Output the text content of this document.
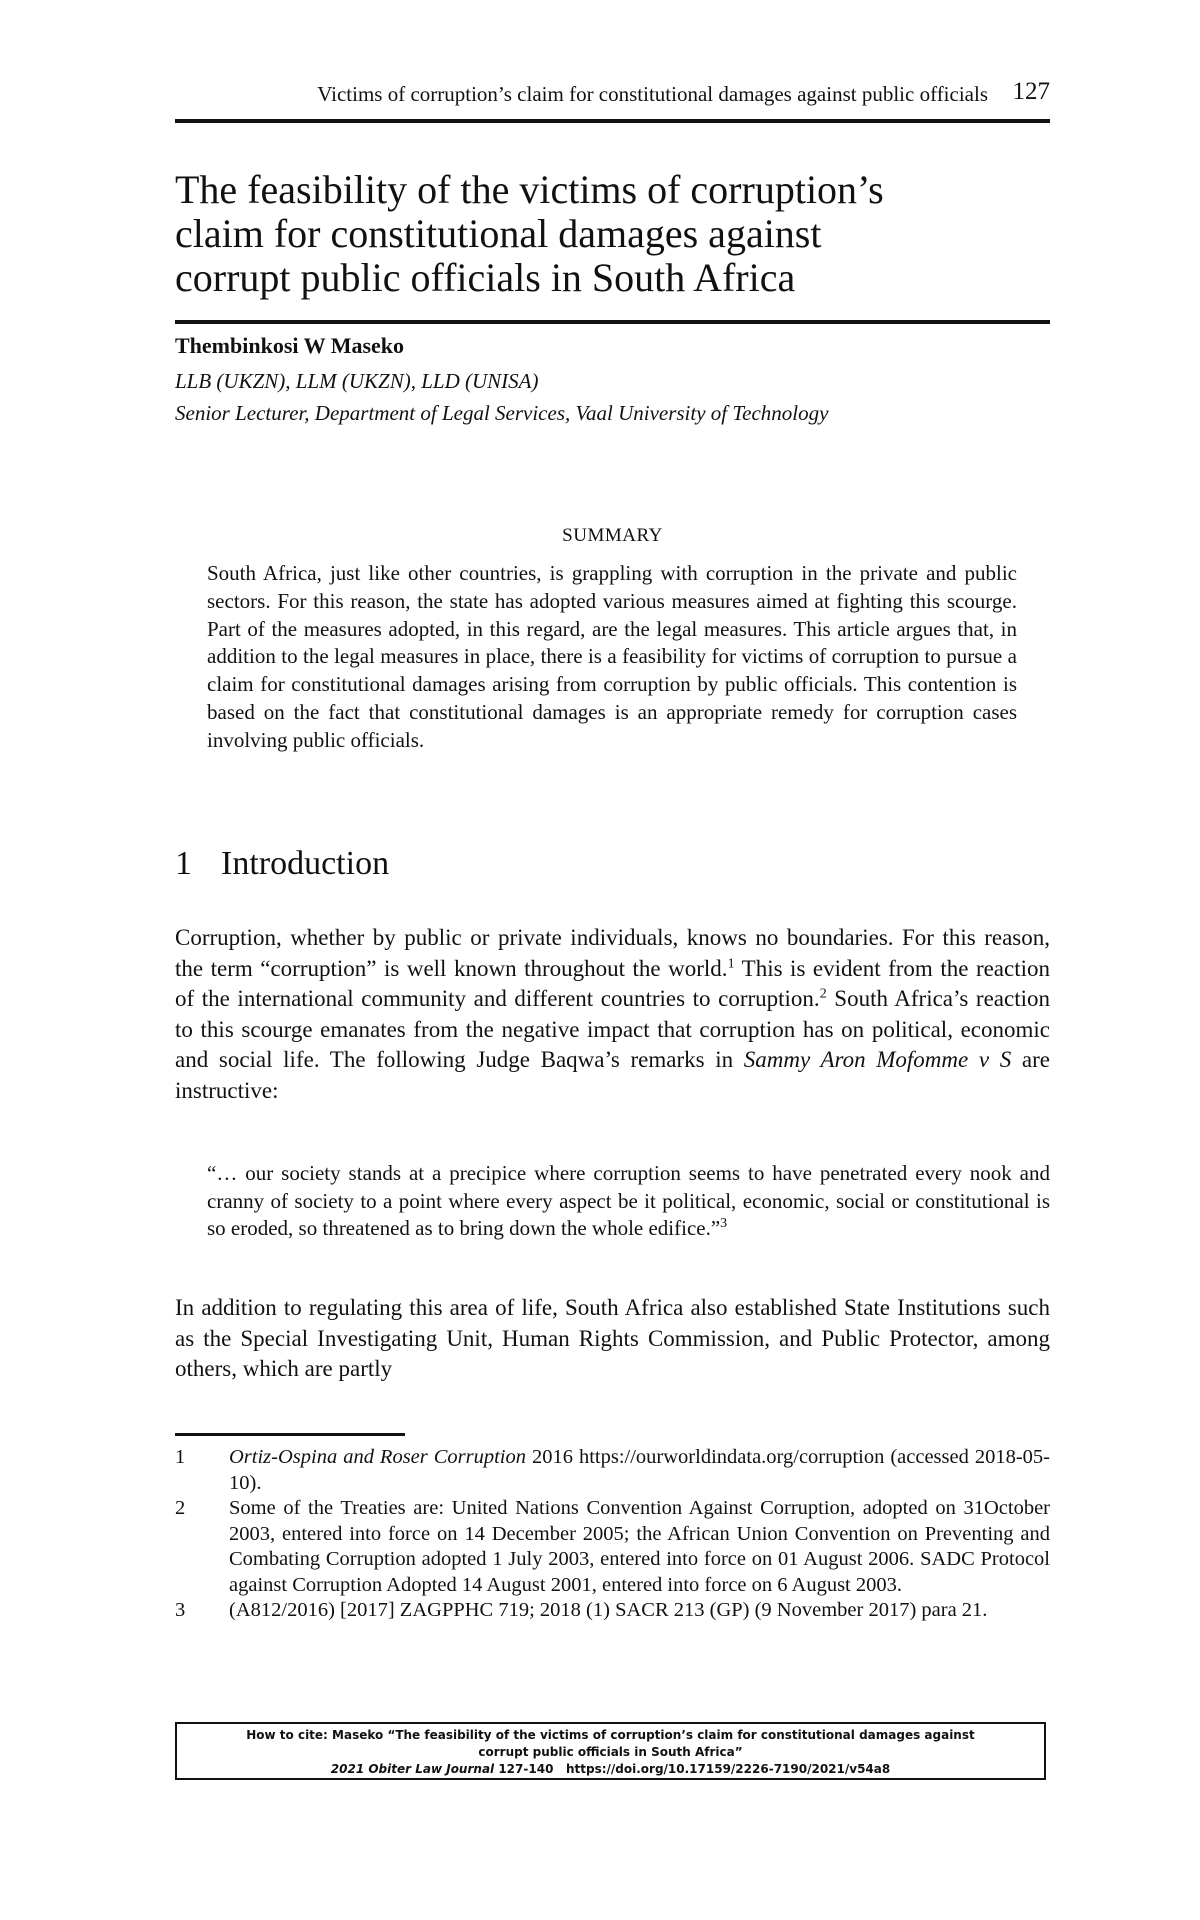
Victims of corruption’s claim for constitutional damages against public officials 127
The feasibility of the victims of corruption’s
claim for constitutional damages against
corrupt public officials in South Africa

Thembinkosi W Maseko

LLB (UKZN), LLM (UKZN), LLD (UNISA)

Senior Lecturer, Department of Legal Services, Vaal University of Technology

SUMMARY

South Africa, just like other countries, is grappling with corruption in the private and public sectors. For this reason, the state has adopted various measures aimed at fighting this scourge. Part of the measures adopted, in this regard, are the legal measures. This article argues that, in addition to the legal measures in place, there is a feasibility for victims of corruption to pursue a claim for constitutional damages arising from corruption by public officials. This contention is based on the fact that constitutional damages is an appropriate remedy for corruption cases involving public officials.

1 Introduction

Corruption, whether by public or private individuals, knows no boundaries. For this reason, the term “corruption” is well known throughout the world.$^1$ This is evident from the reaction of the international community and different countries to corruption.$^2$ South Africa’s reaction to this scourge emanates from the negative impact that corruption has on political, economic and social life. The following Judge Baqwa’s remarks in Sammy Aron Mofomme v S are instructive:

“… our society stands at a precipice where corruption seems to have penetrated every nook and cranny of society to a point where every aspect be it political, economic, social or constitutional is so eroded, so threatened as to bring down the whole edifice.”$^3$

In addition to regulating this area of life, South Africa also established State Institutions such as the Special Investigating Unit, Human Rights Commission, and Public Protector, among others, which are partly

1 Ortiz-Ospina and Roser Corruption 2016 https://ourworldindata.org/corruption (accessed 2018-05-10).
2 Some of the Treaties are: United Nations Convention Against Corruption, adopted on 31October 2003, entered into force on 14 December 2005; the African Union Convention on Preventing and Combating Corruption adopted 1 July 2003, entered into force on 01 August 2006. SADC Protocol against Corruption Adopted 14 August 2001, entered into force on 6 August 2003.
3 (A812/2016) [2017] ZAGPPHC 719; 2018 (1) SACR 213 (GP) (9 November 2017) para 21.
How to cite: Maseko “The feasibility of the victims of corruption’s claim for constitutional damages against
corrupt public officials in South Africa”
2021 Obiter Law Journal 127-140 https://doi.org/10.17159/2226-7190/2021/v54a8
